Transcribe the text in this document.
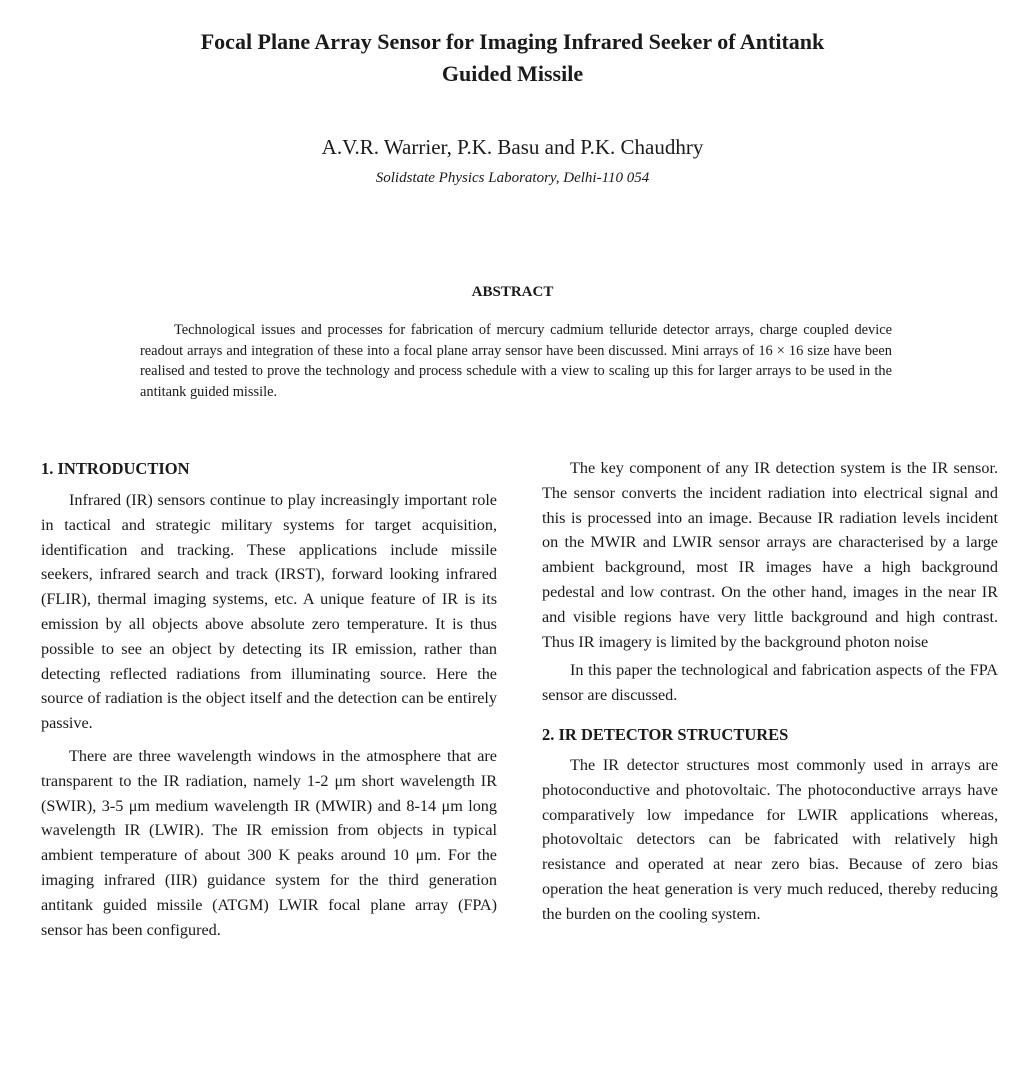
Focal Plane Array Sensor for Imaging Infrared Seeker of Antitank
Guided Missile
A.V.R. Warrier, P.K. Basu and P.K. Chaudhry
Solidstate Physics Laboratory, Delhi-110 054
ABSTRACT

Technological issues and processes for fabrication of mercury cadmium telluride detector arrays, charge coupled device readout arrays and integration of these into a focal plane array sensor have been discussed. Mini arrays of 16 × 16 size have been realised and tested to prove the technology and process schedule with a view to scaling up this for larger arrays to be used in the antitank guided missile.

1. INTRODUCTION

Infrared (IR) sensors continue to play increasingly important role in tactical and strategic military systems for target acquisition, identification and tracking. These applications include missile seekers, infrared search and track (IRST), forward looking infrared (FLIR), thermal imaging systems, etc. A unique feature of IR is its emission by all objects above absolute zero temperature. It is thus possible to see an object by detecting its IR emission, rather than detecting reflected radiations from illuminating source. Here the source of radiation is the object itself and the detection can be entirely passive.

There are three wavelength windows in the atmosphere that are transparent to the IR radiation, namely 1-2 μm short wavelength IR (SWIR), 3-5 μm medium wavelength IR (MWIR) and 8-14 μm long wavelength IR (LWIR). The IR emission from objects in typical ambient temperature of about 300 K peaks around 10 μm. For the imaging infrared (IIR) guidance system for the third generation antitank guided missile (ATGM) LWIR focal plane array (FPA) sensor has been configured.

The key component of any IR detection system is the IR sensor. The sensor converts the incident radiation into electrical signal and this is processed into an image. Because IR radiation levels incident on the MWIR and LWIR sensor arrays are characterised by a large ambient background, most IR images have a high background pedestal and low contrast. On the other hand, images in the near IR and visible regions have very little background and high contrast. Thus IR imagery is limited by the background photon noise

In this paper the technological and fabrication aspects of the FPA sensor are discussed.

2. IR DETECTOR STRUCTURES

The IR detector structures most commonly used in arrays are photoconductive and photovoltaic. The photoconductive arrays have comparatively low impedance for LWIR applications whereas, photovoltaic detectors can be fabricated with relatively high resistance and operated at near zero bias. Because of zero bias operation the heat generation is very much reduced, thereby reducing the burden on the cooling system.
